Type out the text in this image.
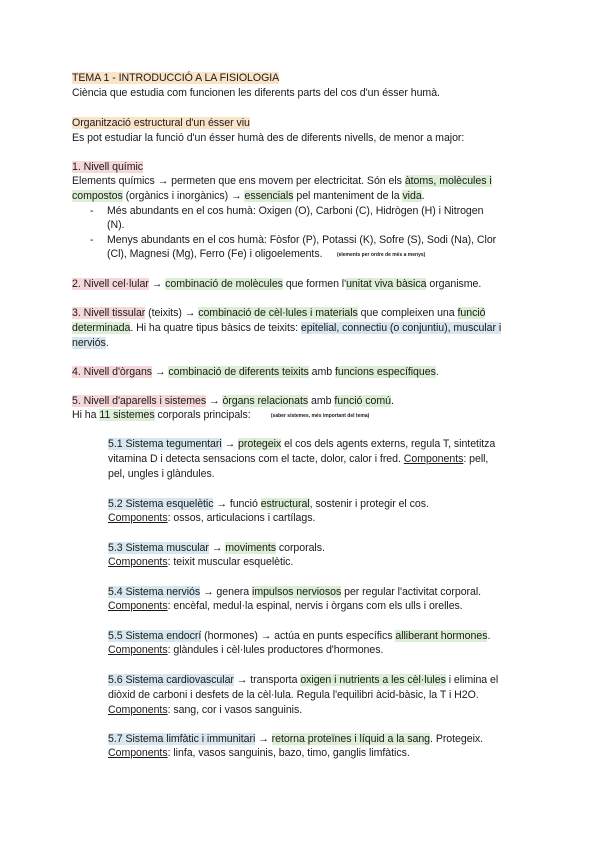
TEMA 1 - INTRODUCCIÓ A LA FISIOLOGIA
Ciència que estudia com funcionen les diferents parts del cos d'un ésser humà.
Organització estructural d'un ésser viu
Es pot estudiar la funció d'un ésser humà des de diferents nivells, de menor a major:
1. Nivell químic
Elements químics → permeten que ens movem per electricitat. Són els àtoms, molècules i
compostos (orgànics i inorgànics) → essencials pel manteniment de la vida.
- Més abundants en el cos humà: Oxigen (O), Carboni (C), Hidrògen (H) i Nitrogen
(N).
- Menys abundants en el cos humà: Fòsfor (P), Potassi (K), Sofre (S), Sodi (Na), Clor
(Cl), Magnesi (Mg), Ferro (Fe) i oligoelements.	(elements per ordre de més a menys)
2. Nivell cel·lular → combinació de molècules que formen l'unitat viva bàsica organisme.
3. Nivell tissular (teixits) → combinació de cèl·lules i materials que compleixen una funció
determinada. Hi ha quatre tipus bàsics de teixits: epitelial, connectiu (o conjuntiu), muscular i
nerviós.
4. Nivell d'òrgans → combinació de diferents teixits amb funcions específiques.
5. Nivell d'aparells i sistemes → òrgans relacionats amb funció comú.
Hi ha 11 sistemes corporals principals:	(saber sistemes, més important del tema)
5.1 Sistema tegumentari → protegeix el cos dels agents externs, regula T, sintetitza
vitamina D i detecta sensacions com el tacte, dolor, calor i fred. Components: pell,
pel, ungles i glàndules.
5.2 Sistema esquelètic → funció estructural, sostenir i protegir el cos.
Components: ossos, articulacions i cartílags.
5.3 Sistema muscular → moviments corporals.
Components: teixit muscular esquelètic.
5.4 Sistema nerviós → genera impulsos nerviosos per regular l'activitat corporal.
Components: encèfal, medul·la espinal, nervis i òrgans com els ulls i orelles.
5.5 Sistema endocrí (hormones) → actúa en punts específics alliberant hormones.
Components: glàndules i cèl·lules productores d'hormones.
5.6 Sistema cardiovascular → transporta oxigen i nutrients a les cèl·lules i elimina el
diòxid de carboni i desfets de la cèl·lula. Regula l'equilibri àcid-bàsic, la T i H2O.
Components: sang, cor i vasos sanguinis.
5.7 Sistema limfàtic i immunitari → retorna proteïnes i líquid a la sang. Protegeix.
Components: linfa, vasos sanguinis, bazo, timo, ganglis limfàtics.
